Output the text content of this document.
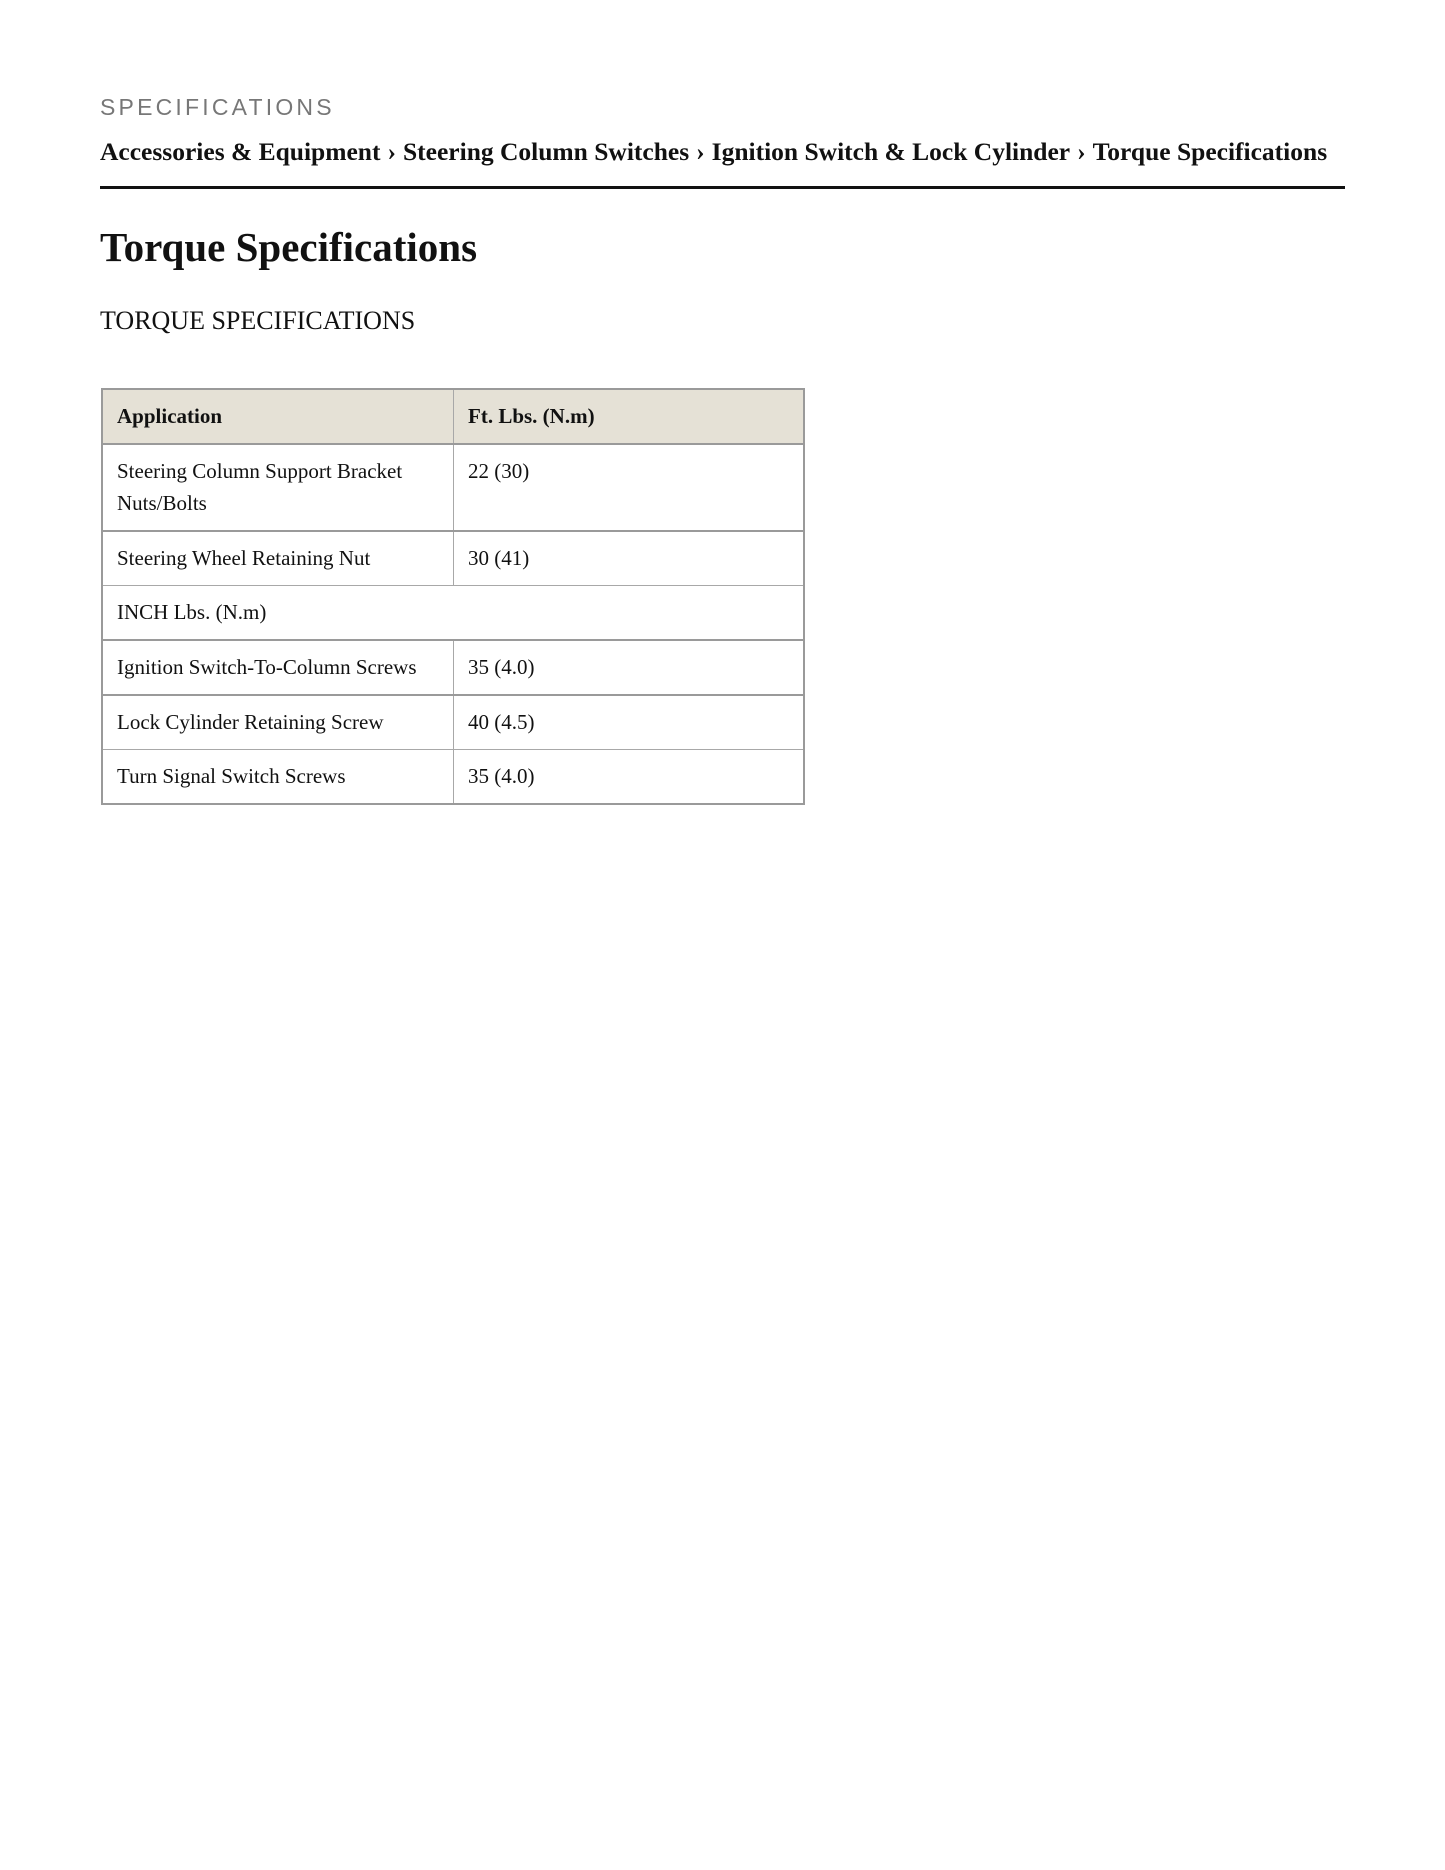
SPECIFICATIONS
Accessories & Equipment › Steering Column Switches › Ignition Switch & Lock Cylinder › Torque Specifications
Torque Specifications
TORQUE SPECIFICATIONS
Application	Ft. Lbs. (N.m)
Steering Column Support Bracket Nuts/Bolts	22 (30)
Steering Wheel Retaining Nut	30 (41)
INCH Lbs. (N.m)	
Ignition Switch-To-Column Screws	35 (4.0)
Lock Cylinder Retaining Screw	40 (4.5)
Turn Signal Switch Screws	35 (4.0)
